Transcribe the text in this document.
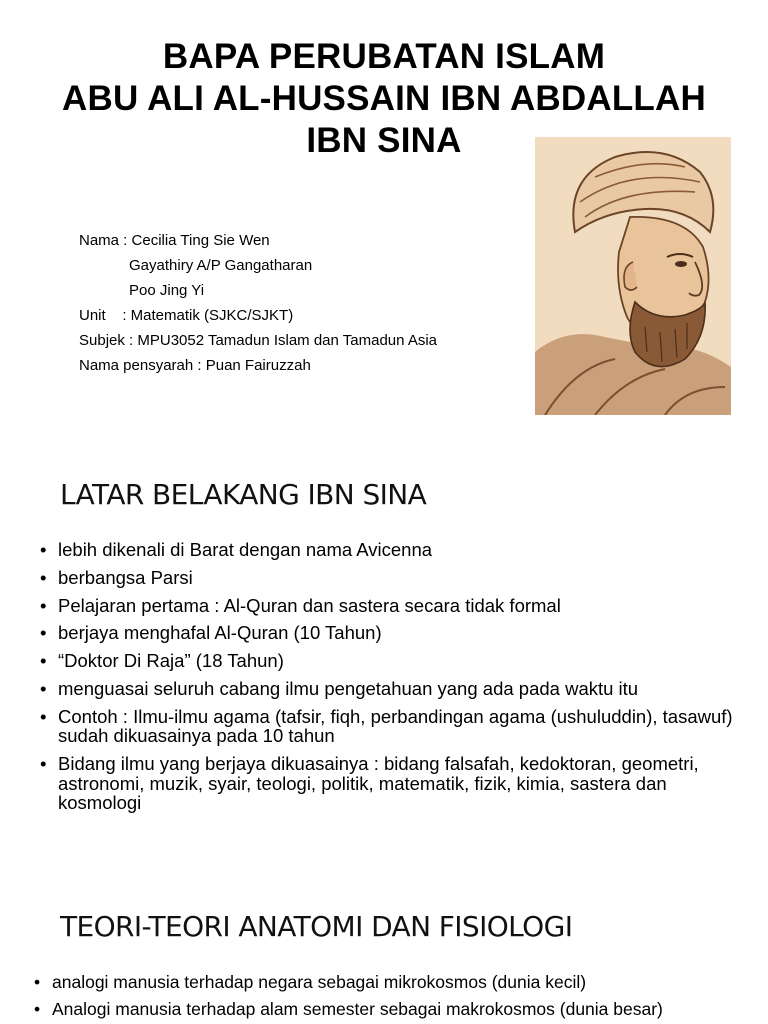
BAPA PERUBATAN ISLAM
ABU ALI AL-HUSSAIN IBN ABDALLAH
IBN SINA
Nama : Cecilia Ting Sie Wen
Gayathiry A/P Gangatharan
Poo Jing Yi
Unit    : Matematik (SJKC/SJKT)
Subjek : MPU3052 Tamadun Islam dan Tamadun Asia
Nama pensyarah : Puan Fairuzzah
LATAR BELAKANG IBN SINA
• lebih dikenali di Barat dengan nama Avicenna
• berbangsa Parsi
• Pelajaran pertama : Al-Quran dan sastera secara tidak formal
• berjaya menghafal Al-Quran (10 Tahun)
• “Doktor Di Raja” (18 Tahun)
• menguasai seluruh cabang ilmu pengetahuan yang ada pada waktu itu
• Contoh : Ilmu-ilmu agama (tafsir, fiqh, perbandingan agama (ushuluddin), tasawuf) sudah dikuasainya pada 10 tahun
• Bidang ilmu yang berjaya dikuasainya : bidang falsafah, kedoktoran, geometri, astronomi, muzik, syair, teologi, politik, matematik, fizik, kimia, sastera dan kosmologi
TEORI-TEORI ANATOMI DAN FISIOLOGI
• analogi manusia terhadap negara sebagai mikrokosmos (dunia kecil)
• Analogi manusia terhadap alam semester sebagai makrokosmos (dunia besar)
